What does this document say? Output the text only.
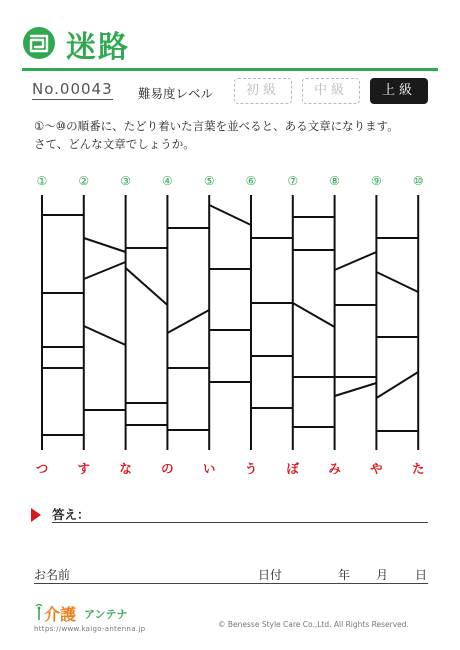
迷路
No.00043 難易度レベル	初級	中級	上級
①～⑩の順番に、たどり着いた言葉を並べると、ある文章になります。
さて、どんな文章でしょうか。
①	②	③	④	⑤	⑥	⑦	⑧	⑨	⑩
つ す な の い う ぼ み や た
答え：
お名前	日付	年 月 日
介護 アンテナ
https://www.kaigo-antenna.jp	© Benesse Style Care Co.,Ltd. All Rights Reserved.
